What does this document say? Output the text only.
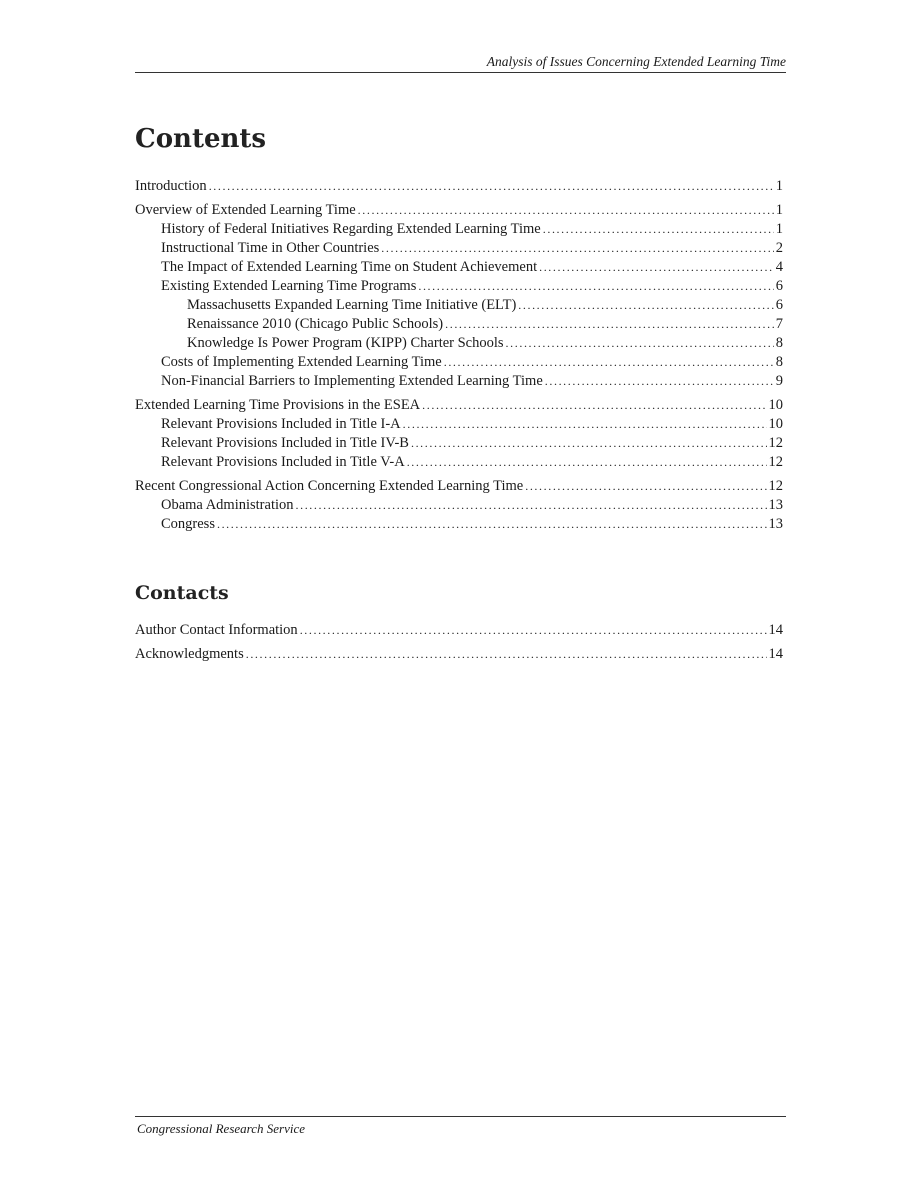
Analysis of Issues Concerning Extended Learning Time
Contents
Introduction .....	1
Overview of Extended Learning Time .....	1
History of Federal Initiatives Regarding Extended Learning Time .....	1
Instructional Time in Other Countries .....	2
The Impact of Extended Learning Time on Student Achievement .....	4
Existing Extended Learning Time Programs .....	6
Massachusetts Expanded Learning Time Initiative (ELT) .....	6
Renaissance 2010 (Chicago Public Schools) .....	7
Knowledge Is Power Program (KIPP) Charter Schools .....	8
Costs of Implementing Extended Learning Time .....	8
Non-Financial Barriers to Implementing Extended Learning Time .....	9
Extended Learning Time Provisions in the ESEA .....	10
Relevant Provisions Included in Title I-A .....	10
Relevant Provisions Included in Title IV-B .....	12
Relevant Provisions Included in Title V-A .....	12
Recent Congressional Action Concerning Extended Learning Time .....	12
Obama Administration .....	13
Congress .....	13
Contacts
Author Contact Information .....	14
Acknowledgments .....	14
Congressional Research Service
